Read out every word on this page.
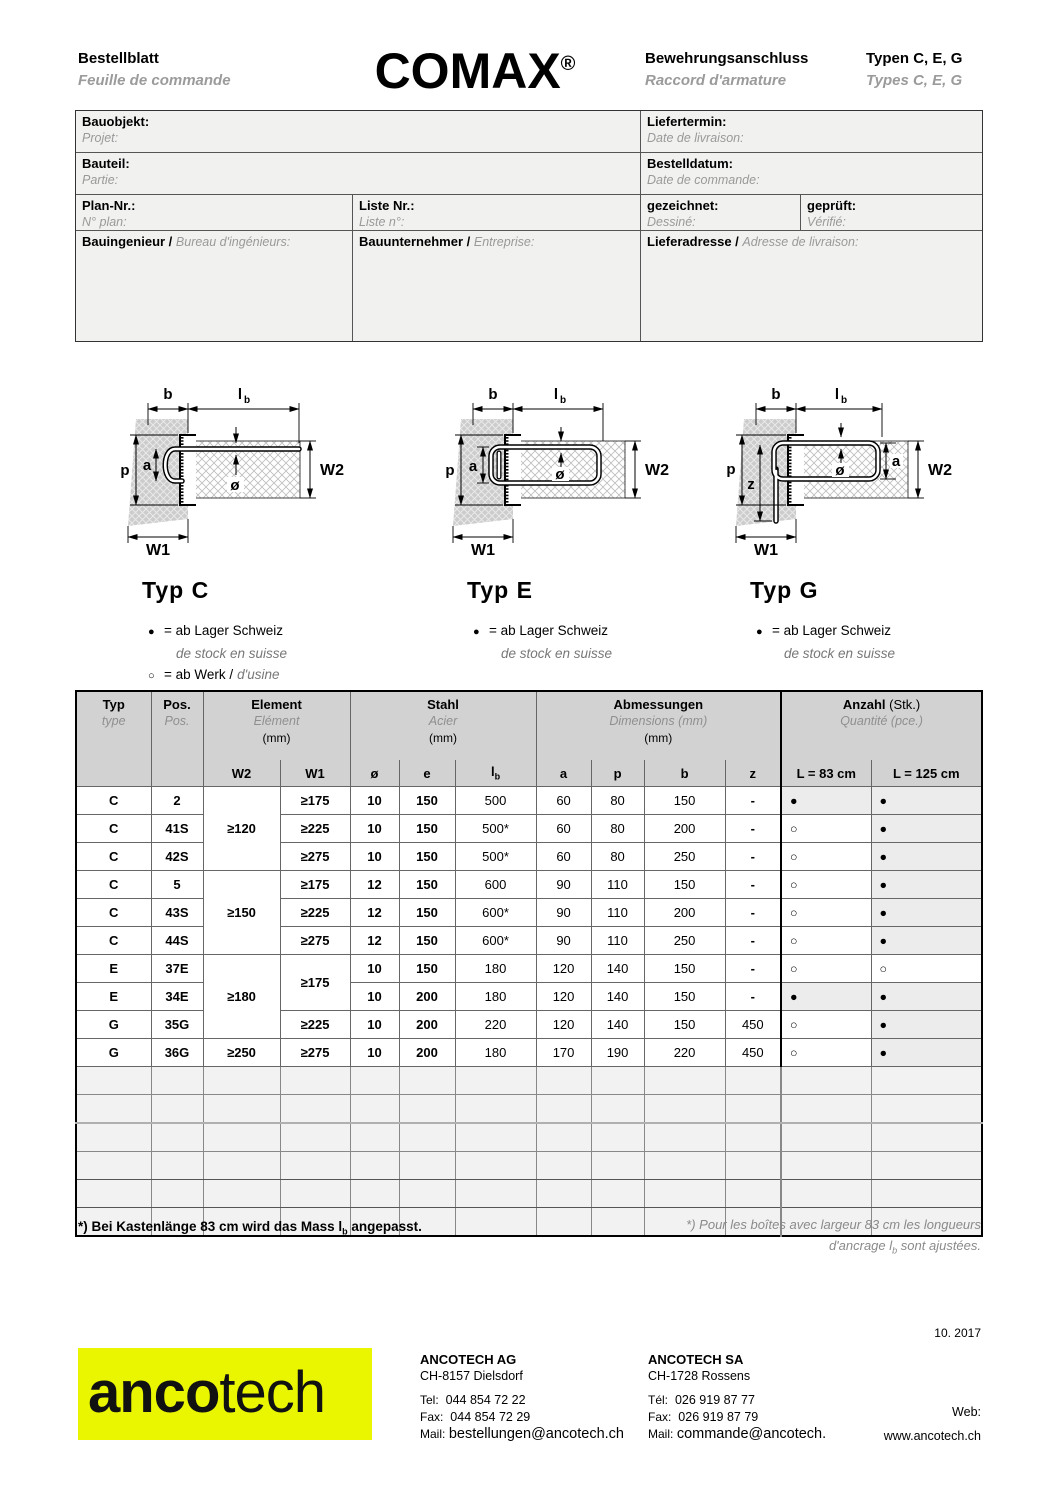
Bestellblatt
Feuille de commande	COMAX®	Bewehrungsanschluss
Raccord d'armature
Typen C, E, G
Types C, E, G
Bauobjekt:
Projet:
Liefertermin:
Date de livraison:
Bauteil:
Partie:
Bestelldatum:
Date de commande:
Plan-Nr.:
N° plan:
Liste Nr.:
Liste n°:
gezeichnet:
Dessiné:
geprüft:
Vérifié:
Bauingenieur / Bureau d'ingénieurs:	Bauunternehmer / Entreprise:	Lieferadresse / Adresse de livraison:
b	l b
p a
ø
W2
W1
Typ C
● = ab Lager Schweiz
de stock en suisse
○ = ab Werk / d'usine
b	l b
p a	ø	W2
W1
Typ E
● = ab Lager Schweiz
de stock en suisse
b	l b
p
z
ø
a
W2
W1
Typ G
● = ab Lager Schweiz
de stock en suisse
Typ
type

Pos.
Pos.

Element
Elément
(mm)

Stahl
Acier
(mm)

Abmessungen
Dimensions (mm)
(mm)

Anzahl (Stk.)
Quantité (pce.)

		W2	W1	ø	e	$l_b$	a	p	b	z	L = 83 cm	L = 125 cm
C	2	≥120	≥175	10	150	500	60	80	150	-	●	●
C	41S		≥225	10	150	500*	60	80	200	-	○	●
C	42S		≥275	10	150	500*	60	80	250	-	○	●
C	5	≥150	≥175	12	150	600	90	110	150	-	○	●
C	43S		≥225	12	150	600*	90	110	200	-	○	●
C	44S		≥275	12	150	600*	90	110	250	-	○	●
E	37E	≥180	≥175	10	150	180	120	140	150	-	○	○
E	34E			10	200	180	120	140	150	-	●	●
G	35G		≥225	10	200	220	120	140	150	450	○	●
G	36G	≥250	≥275	10	200	180	170	190	220	450	○	●

*) Bei Kastenlänge 83 cm wird das Mass $l_b$ angepasst.	*) Pour les boîtes avec largeur 83 cm les longueurs
d'ancrage $l_b$ sont ajustées.
10. 2017
ancotech
ANCOTECH AG
CH-8157 Dielsdorf
Tel: 044 854 72 22
Fax: 044 854 72 29
Mail: bestellungen@ancotech.ch
ANCOTECH SA
CH-1728 Rossens
Tél: 026 919 87 77
Fax: 026 919 87 79
Mail: commande@ancotech.
Web:
www.ancotech.ch
